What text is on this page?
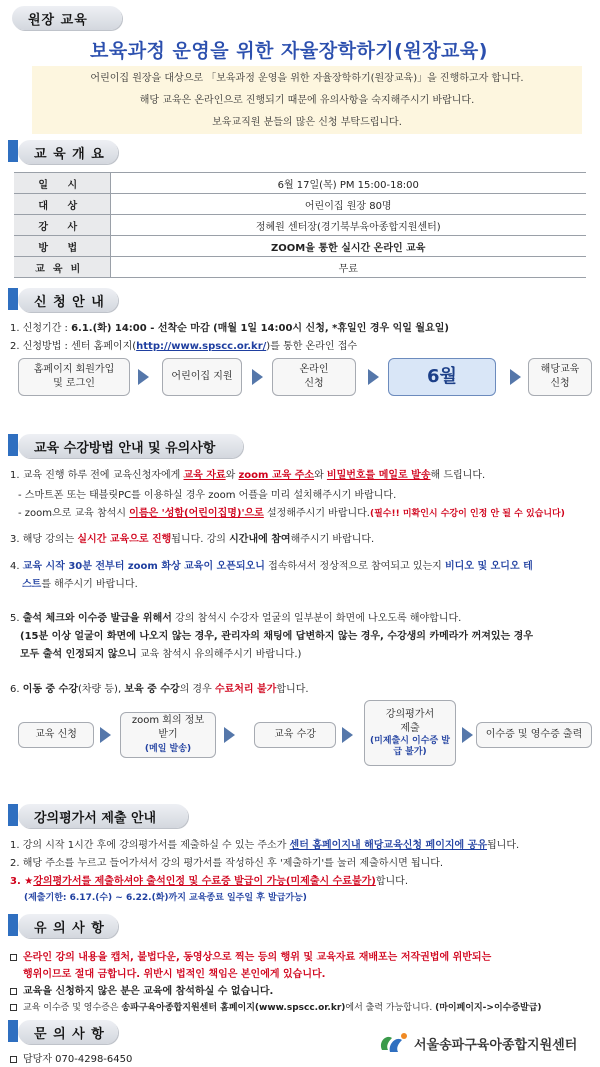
원장 교육
보육과정 운영을 위한 자율장학하기(원장교육)
어린이집 원장을 대상으로 「보육과정 운영을 위한 자율장학하기(원장교육)」을 진행하고자 합니다.
해당 교육은 온라인으로 진행되기 때문에 유의사항을 숙지해주시기 바랍니다.
보육교직원 분들의 많은 신청 부탁드립니다.
교 육 개 요
일 시	6월 17일(목) PM 15:00-18:00
대 상	어린이집 원장 80명
강 사	정혜원 센터장(경기북부육아종합지원센터)
방 법	ZOOM을 통한 실시간 온라인 교육
교육비	무료
신 청 안 내
1. 신청기간 : 6.1.(화) 14:00 - 선착순 마감 (매월 1일 14:00시 신청, *휴일인 경우 익일 월요일)
2. 신청방법 : 센터 홈페이지(http://www.spscc.or.kr/)를 통한 온라인 접수
홈페이지 회원가입
및 로그인
어린이집 지원
온라인
신청	6월	해당교육
신청
교육 수강방법 안내 및 유의사항
1. 교육 진행 하루 전에 교육신청자에게 교육 자료와 zoom 교육 주소와 비밀번호를 메일로 발송해 드립니다.
- 스마트폰 또는 태블릿PC를 이용하실 경우 zoom 어플을 미리 설치해주시기 바랍니다.
- zoom으로 교육 참석시 이름은 '성함(어린이집명)'으로 설정해주시기 바랍니다.(필수!! 미확인시 수강이 인정 안 될 수 있습니다)
3. 해당 강의는 실시간 교육으로 진행됩니다. 강의 시간내에 참여해주시기 바랍니다.
4. 교육 시작 30분 전부터 zoom 화상 교육이 오픈되오니 접속하셔서 정상적으로 참여되고 있는지 비디오 및 오디오 테
스트를 해주시기 바랍니다.
5. 출석 체크와 이수증 발급을 위해서 강의 참석시 수강자 얼굴의 일부분이 화면에 나오도록 해야합니다.
(15분 이상 얼굴이 화면에 나오지 않는 경우, 관리자의 채팅에 답변하지 않는 경우, 수강생의 카메라가 꺼져있는 경우
모두 출석 인정되지 않으니 교육 참석시 유의해주시기 바랍니다.)
6. 이동 중 수강(차량 등), 보육 중 수강의 경우 수료처리 불가합니다.
교육 신청
zoom 회의 정보
받기
(메일 발송)
교육 수강
강의평가서
제출
(미제출시 이수증 발급 불가)
이수증 및 영수증 출력
강의평가서 제출 안내
1. 강의 시작 1시간 후에 강의평가서를 제출하실 수 있는 주소가 센터 홈페이지내 해당교육신청 페이지에 공유됩니다.
2. 해당 주소를 누르고 들어가셔서 강의 평가서를 작성하신 후 '제출하기'를 눌러 제출하시면 됩니다.
3. ★강의평가서를 제출하셔야 출석인정 및 수료증 발급이 가능(미제출시 수료불가)합니다.
(제출기한: 6.17.(수) ~ 6.22.(화)까지 교육종료 일주일 후 발급가능)
유 의 사 항
온라인 강의 내용을 캡처, 불법다운, 동영상으로 찍는 등의 행위 및 교육자료 재배포는 저작권법에 위반되는
행위이므로 절대 금합니다. 위반시 법적인 책임은 본인에게 있습니다.
교육을 신청하지 않은 분은 교육에 참석하실 수 없습니다.
교육 이수증 및 영수증은 송파구육아종합지원센터 홈페이지(www.spscc.or.kr)에서 출력 가능합니다. (마이페이지->이수증발급)
문 의 사 항
담당자 070-4298-6450
서울송파구육아종합지원센터
